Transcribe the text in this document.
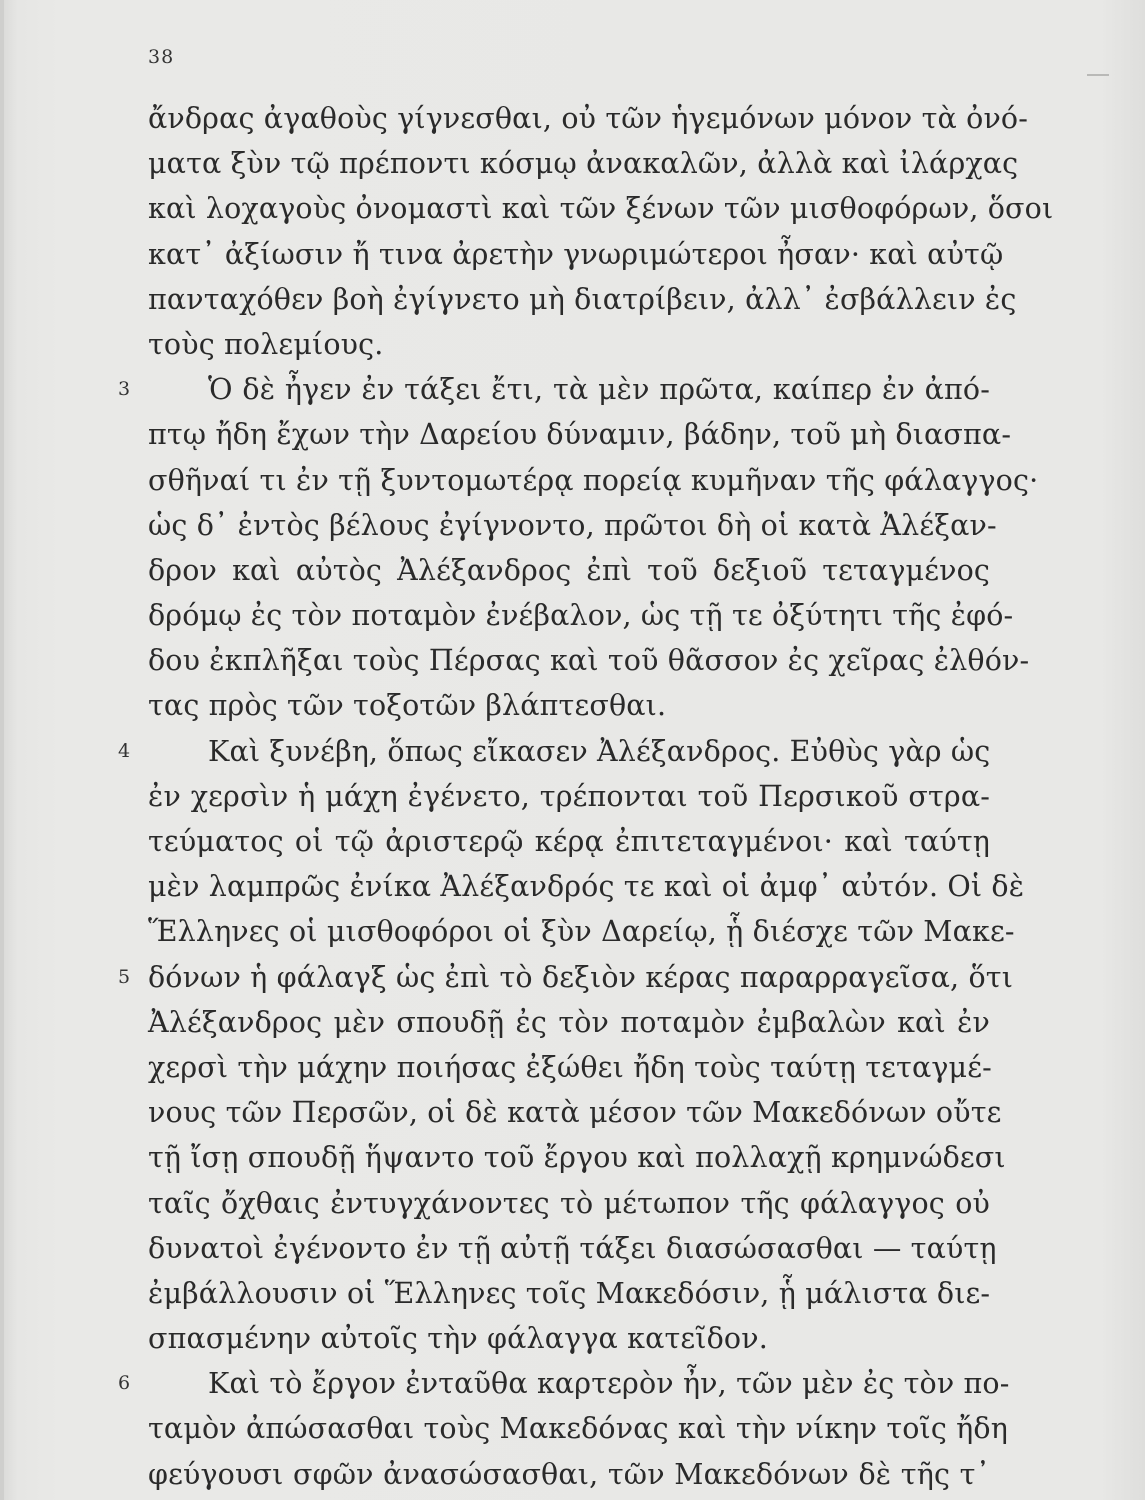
38
ἄνδρας ἀγαθοὺς γίγνεσθαι, οὐ τῶν ἡγεμόνων μόνον τὰ ὀνό-
ματα ξὺν τῷ πρέποντι κόσμῳ ἀνακαλῶν, ἀλλὰ καὶ ἰλάρχας
καὶ λοχαγοὺς ὀνομαστὶ καὶ τῶν ξένων τῶν μισθοφόρων, ὅσοι
κατ᾿ ἀξίωσιν ἤ τινα ἀρετὴν γνωριμώτεροι ἦσαν· καὶ αὐτῷ
πανταχόθεν βοὴ ἐγίγνετο μὴ διατρίβειν, ἀλλ᾿ ἐσβάλλειν ἐς
τοὺς πολεμίους.
3	Ὁ δὲ ἦγεν ἐν τάξει ἔτι, τὰ μὲν πρῶτα, καίπερ ἐν ἀπό-
πτῳ ἤδη ἔχων τὴν Δαρείου δύναμιν, βάδην, τοῦ μὴ διασπα-
σθῆναί τι ἐν τῇ ξυντομωτέρᾳ πορείᾳ κυμῆναν τῆς φάλαγγος·
ὡς δ᾿ ἐντὸς βέλους ἐγίγνοντο, πρῶτοι δὴ οἱ κατὰ Ἀλέξαν-
δρον καὶ αὐτὸς Ἀλέξανδρος ἐπὶ τοῦ δεξιοῦ τεταγμένος
δρόμῳ ἐς τὸν ποταμὸν ἐνέβαλον, ὡς τῇ τε ὀξύτητι τῆς ἐφό-
δου ἐκπλῆξαι τοὺς Πέρσας καὶ τοῦ θᾶσσον ἐς χεῖρας ἐλθόν-
τας πρὸς τῶν τοξοτῶν βλάπτεσθαι.
4	Καὶ ξυνέβη, ὅπως εἴκασεν Ἀλέξανδρος. Εὐθὺς γὰρ ὡς
ἐν χερσὶν ἡ μάχη ἐγένετο, τρέπονται τοῦ Περσικοῦ στρα-
τεύματος οἱ τῷ ἀριστερῷ κέρᾳ ἐπιτεταγμένοι· καὶ ταύτῃ
μὲν λαμπρῶς ἐνίκα Ἀλέξανδρός τε καὶ οἱ ἀμφ᾿ αὐτόν. Οἱ δὲ
Ἕλληνες οἱ μισθοφόροι οἱ ξὺν Δαρείῳ, ᾗ διέσχε τῶν Μακε-
5 δόνων ἡ φάλαγξ ὡς ἐπὶ τὸ δεξιὸν κέρας παραρραγεῖσα, ὅτι
Ἀλέξανδρος μὲν σπουδῇ ἐς τὸν ποταμὸν ἐμβαλὼν καὶ ἐν
χερσὶ τὴν μάχην ποιήσας ἐξώθει ἤδη τοὺς ταύτῃ τεταγμέ-
νους τῶν Περσῶν, οἱ δὲ κατὰ μέσον τῶν Μακεδόνων οὔτε
τῇ ἴσῃ σπουδῇ ἥψαντο τοῦ ἔργου καὶ πολλαχῇ κρημνώδεσι
ταῖς ὄχθαις ἐντυγχάνοντες τὸ μέτωπον τῆς φάλαγγος οὐ
δυνατοὶ ἐγένοντο ἐν τῇ αὐτῇ τάξει διασώσασθαι — ταύτῃ
ἐμβάλλουσιν οἱ Ἕλληνες τοῖς Μακεδόσιν, ᾗ μάλιστα διε-
σπασμένην αὐτοῖς τὴν φάλαγγα κατεῖδον.
6	Καὶ τὸ ἔργον ἐνταῦθα καρτερὸν ἦν, τῶν μὲν ἐς τὸν πο-
ταμὸν ἀπώσασθαι τοὺς Μακεδόνας καὶ τὴν νίκην τοῖς ἤδη
φεύγουσι σφῶν ἀνασώσασθαι, τῶν Μακεδόνων δὲ τῆς τ᾿
